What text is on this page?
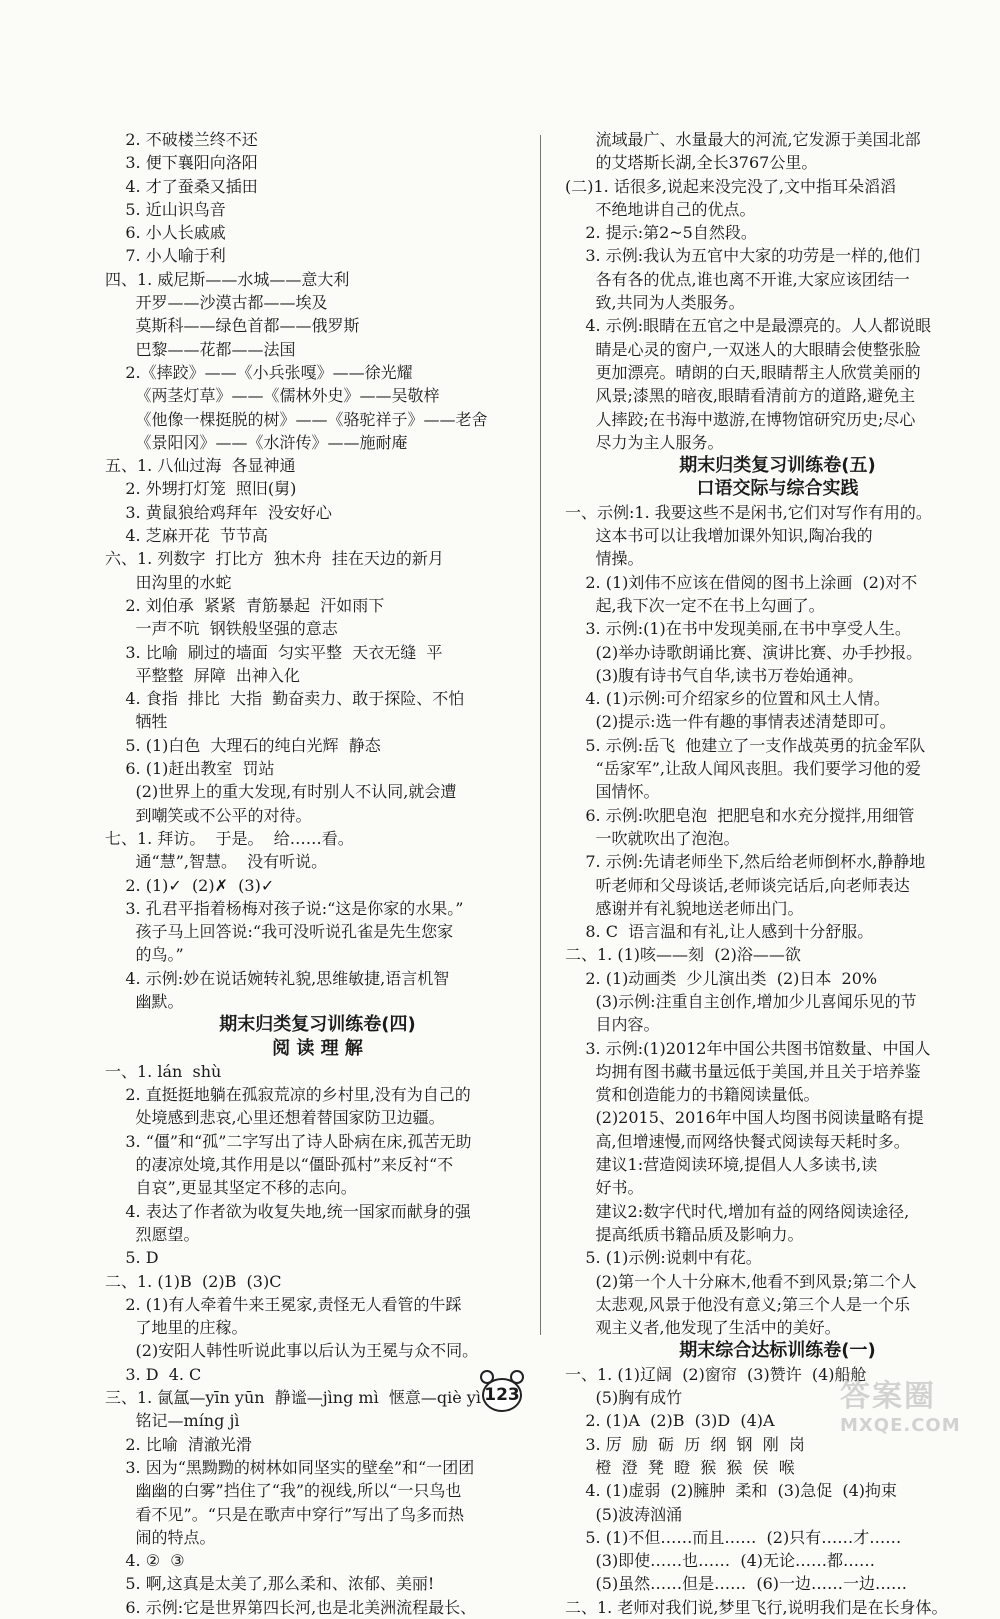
2. 不破楼兰终不还
3. 便下襄阳向洛阳
4. 才了蚕桑又插田
5. 近山识鸟音
6. 小人长戚戚
7. 小人喻于利
四、1. 威尼斯——水城——意大利
开罗——沙漠古都——埃及
莫斯科——绿色首都——俄罗斯
巴黎——花都——法国
2.《摔跤》——《小兵张嘎》——徐光耀
《两茎灯草》——《儒林外史》——吴敬梓
《他像一棵挺脱的树》——《骆驼祥子》——老舍
《景阳冈》——《水浒传》——施耐庵
五、1. 八仙过海  各显神通
2. 外甥打灯笼  照旧(舅)
3. 黄鼠狼给鸡拜年  没安好心
4. 芝麻开花  节节高
六、1. 列数字  打比方  独木舟  挂在天边的新月
田沟里的水蛇
2. 刘伯承  紧紧  青筋暴起  汗如雨下
一声不吭  钢铁般坚强的意志
3. 比喻  刷过的墙面  匀实平整  天衣无缝  平
平整整  屏障  出神入化
4. 食指  排比  大指  勤奋卖力、敢于探险、不怕
牺牲
5. (1)白色  大理石的纯白光辉  静态
6. (1)赶出教室  罚站
(2)世界上的重大发现,有时别人不认同,就会遭
到嘲笑或不公平的对待。
七、1. 拜访。  于是。  给……看。
通“慧”,智慧。  没有听说。
2. (1)✓  (2)✗  (3)✓
3. 孔君平指着杨梅对孩子说:“这是你家的水果。”
孩子马上回答说:“我可没听说孔雀是先生您家
的鸟。”
4. 示例:妙在说话婉转礼貌,思维敏捷,语言机智
幽默。
期末归类复习训练卷(四)
阅 读 理 解
一、1. lán  shù
2. 直挺挺地躺在孤寂荒凉的乡村里,没有为自己的
处境感到悲哀,心里还想着替国家防卫边疆。
3. “僵”和“孤”二字写出了诗人卧病在床,孤苦无助
的凄凉处境,其作用是以“僵卧孤村”来反衬“不
自哀”,更显其坚定不移的志向。
4. 表达了作者欲为收复失地,统一国家而献身的强
烈愿望。
5. D
二、1. (1)B  (2)B  (3)C
2. (1)有人牵着牛来王冕家,责怪无人看管的牛踩
了地里的庄稼。
(2)安阳人韩性听说此事以后认为王冕与众不同。
3. D  4. C
三、1. 氤氲—yīn yūn  静谧—jìng mì  惬意—qiè yì
铭记—míng jì
2. 比喻  清澈光滑
3. 因为“黑黝黝的树林如同坚实的壁垒”和“一团团
幽幽的白雾”挡住了“我”的视线,所以“一只鸟也
看不见”。“只是在歌声中穿行”写出了鸟多而热
闹的特点。
4. ②  ③
5. 啊,这真是太美了,那么柔和、浓郁、美丽!
6. 示例:它是世界第四长河,也是北美洲流程最长、
流域最广、水量最大的河流,它发源于美国北部
的艾塔斯长湖,全长3767公里。
(二)1. 话很多,说起来没完没了,文中指耳朵滔滔
不绝地讲自己的优点。
2. 提示:第2~5自然段。
3. 示例:我认为五官中大家的功劳是一样的,他们
各有各的优点,谁也离不开谁,大家应该团结一
致,共同为人类服务。
4. 示例:眼睛在五官之中是最漂亮的。人人都说眼
睛是心灵的窗户,一双迷人的大眼睛会使整张脸
更加漂亮。晴朗的白天,眼睛帮主人欣赏美丽的
风景;漆黑的暗夜,眼睛看清前方的道路,避免主
人摔跤;在书海中遨游,在博物馆研究历史;尽心
尽力为主人服务。
期末归类复习训练卷(五)
口语交际与综合实践
一、示例:1. 我要这些不是闲书,它们对写作有用的。
这本书可以让我增加课外知识,陶冶我的
情操。
2. (1)刘伟不应该在借阅的图书上涂画  (2)对不
起,我下次一定不在书上勾画了。
3. 示例:(1)在书中发现美丽,在书中享受人生。
(2)举办诗歌朗诵比赛、演讲比赛、办手抄报。
(3)腹有诗书气自华,读书万卷始通神。
4. (1)示例:可介绍家乡的位置和风土人情。
(2)提示:选一件有趣的事情表述清楚即可。
5. 示例:岳飞  他建立了一支作战英勇的抗金军队
“岳家军”,让敌人闻风丧胆。我们要学习他的爱
国情怀。
6. 示例:吹肥皂泡  把肥皂和水充分搅拌,用细管
一吹就吹出了泡泡。
7. 示例:先请老师坐下,然后给老师倒杯水,静静地
听老师和父母谈话,老师谈完话后,向老师表达
感谢并有礼貌地送老师出门。
8. C  语言温和有礼,让人感到十分舒服。
二、1. (1)咳——刻  (2)浴——欲
2. (1)动画类  少儿演出类  (2)日本  20%
(3)示例:注重自主创作,增加少儿喜闻乐见的节
目内容。
3. 示例:(1)2012年中国公共图书馆数量、中国人
均拥有图书藏书量远低于美国,并且关于培养鉴
赏和创造能力的书籍阅读量低。
(2)2015、2016年中国人均图书阅读量略有提
高,但增速慢,而网络快餐式阅读每天耗时多。
建议1:营造阅读环境,提倡人人多读书,读
好书。
建议2:数字代时代,增加有益的网络阅读途径,
提高纸质书籍品质及影响力。
5. (1)示例:说刺中有花。
(2)第一个人十分麻木,他看不到风景;第二个人
太悲观,风景于他没有意义;第三个人是一个乐
观主义者,他发现了生活中的美好。
期末综合达标训练卷(一)
一、1. (1)辽阔  (2)窗帘  (3)赞许  (4)船舱
(5)胸有成竹
2. (1)A  (2)B  (3)D  (4)A
3. 厉  励  砺  历  纲  钢  刚  岗
橙  澄  凳  瞪  猴  猴  侯  喉
4. (1)虚弱  (2)臃肿  柔和  (3)急促  (4)拘束
(5)波涛汹涌
5. (1)不但……而且……  (2)只有……才……
(3)即使……也……  (4)无论……都……
(5)虽然……但是……  (6)一边……一边……
二、1. 老师对我们说,梦里飞行,说明我们是在长身体。
123	答案圈
MXQE.COM
